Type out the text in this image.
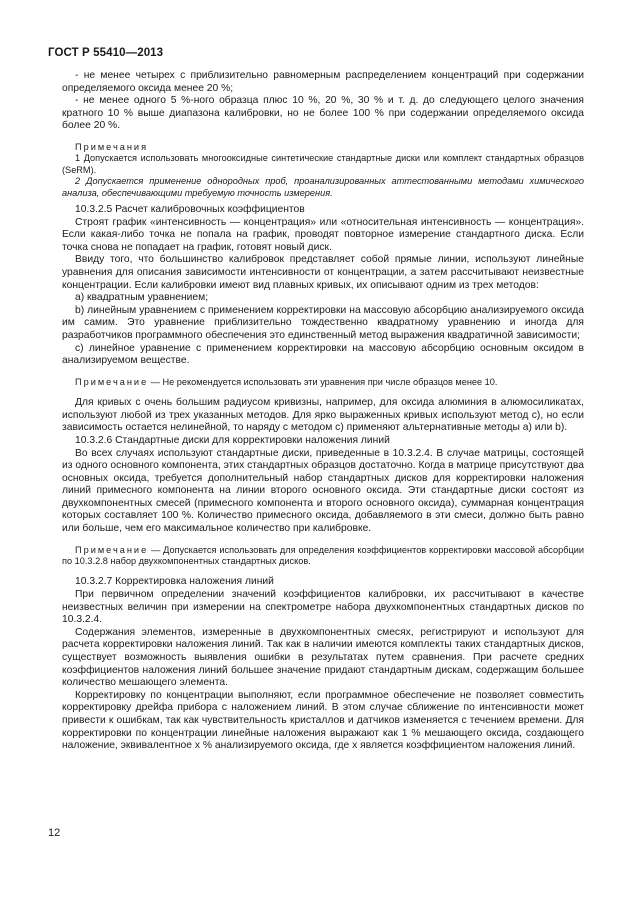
ГОСТ Р 55410—2013

- не менее четырех с приблизительно равномерным распределением концентраций при содержании определяемого оксида менее 20 %;

- не менее одного 5 %-ного образца плюс 10 %, 20 %, 30 % и т. д. до следующего целого значения кратного 10 % выше диапазона калибровки, но не более 100 % при содержании определяемого оксида более 20 %.

Примечания

1 Допускается использовать многооксидные синтетические стандартные диски или комплект стандартных образцов (SeRM).

2 Допускается применение однородных проб, проанализированных аттестованными методами химического анализа, обеспечивающими требуемую точность измерения.

10.3.2.5 Расчет калибровочных коэффициентов

Строят график «интенсивность — концентрация» или «относительная интенсивность — концентрация». Если какая-либо точка не попала на график, проводят повторное измерение стандартного диска. Если точка снова не попадает на график, готовят новый диск.

Ввиду того, что большинство калибровок представляет собой прямые линии, используют линейные уравнения для описания зависимости интенсивности от концентрации, а затем рассчитывают неизвестные концентрации. Если калибровки имеют вид плавных кривых, их описывают одним из трех методов:

а) квадратным уравнением;

b) линейным уравнением с применением корректировки на массовую абсорбцию анализируемого оксида им самим. Это уравнение приблизительно тождественно квадратному уравнению и иногда для разработчиков программного обеспечения это единственный метод выражения квадратичной зависимости;

с) линейное уравнение с применением корректировки на массовую абсорбцию основным оксидом в анализируемом веществе.

Примечание — Не рекомендуется использовать эти уравнения при числе образцов менее 10.

Для кривых с очень большим радиусом кривизны, например, для оксида алюминия в алюмосиликатах, используют любой из трех указанных методов. Для ярко выраженных кривых используют метод с), но если зависимость остается нелинейной, то наряду с методом с) применяют альтернативные методы а) или b).

10.3.2.6 Стандартные диски для корректировки наложения линий

Во всех случаях используют стандартные диски, приведенные в 10.3.2.4. В случае матрицы, состоящей из одного основного компонента, этих стандартных образцов достаточно. Когда в матрице присутствуют два основных оксида, требуется дополнительный набор стандартных дисков для корректировки наложения линий примесного компонента на линии второго основного оксида. Эти стандартные диски состоят из двухкомпонентных смесей (примесного компонента и второго основного оксида), суммарная концентрация которых составляет 100 %. Количество примесного оксида, добавляемого в эти смеси, должно быть равно или больше, чем его максимальное количество при калибровке.

Примечание — Допускается использовать для определения коэффициентов корректировки массовой абсорбции по 10.3.2.8 набор двухкомпонентных стандартных дисков.

10.3.2.7 Корректировка наложения линий

При первичном определении значений коэффициентов калибровки, их рассчитывают в качестве неизвестных величин при измерении на спектрометре набора двухкомпонентных стандартных дисков по 10.3.2.4.

Содержания элементов, измеренные в двухкомпонентных смесях, регистрируют и используют для расчета корректировки наложения линий. Так как в наличии имеются комплекты таких стандартных дисков, существует возможность выявления ошибки в результатах путем сравнения. При расчете средних коэффициентов наложения линий большее значение придают стандартным дискам, содержащим большее количество мешающего элемента.

Корректировку по концентрации выполняют, если программное обеспечение не позволяет совместить корректировку дрейфа прибора с наложением линий. В этом случае сближение по интенсивности может привести к ошибкам, так как чувствительность кристаллов и датчиков изменяется с течением времени. Для корректировки по концентрации линейные наложения выражают как 1 % мешающего оксида, создающего наложение, эквивалентное х % анализируемого оксида, где х является коэффициентом наложения линий.

12
